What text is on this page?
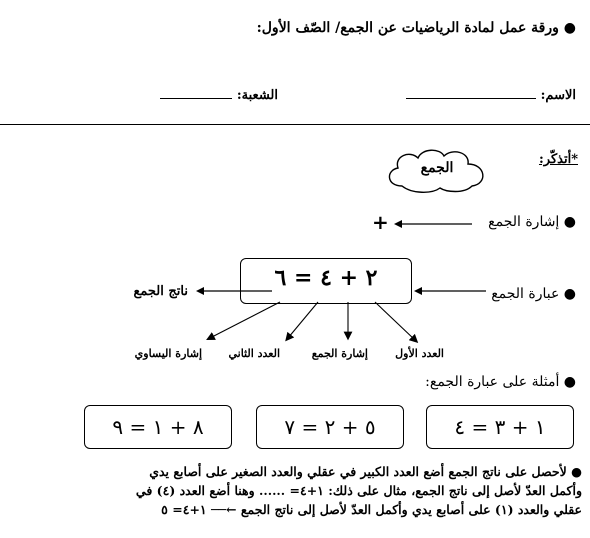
● ورقة عمل لمادة الرياضيات عن الجمع/ الصّف الأول:
الاسم:
الشعبة:
*أتذكّر:
الجمع
● إشارة الجمع
+
● عبارة الجمع
٢ + ٤ = ٦
ناتج الجمع
العدد الأول
إشارة الجمع
العدد الثاني
إشارة اليساوي
● أمثلة على عبارة الجمع:
١ + ٣ = ٤
٥ + ٢ = ٧
٨ + ١ = ٩
● لأحصل على ناتج الجمع أضع العدد الكبير في عقلي والعدد الصغير على أصابع يدي
وأكمل العدّ لأصل إلى ناتج الجمع، مثال على ذلك: ١+٤= ...... وهنا أضع العدد (٤) في
عقلي والعدد (١) على أصابع يدي وأكمل العدّ لأصل إلى ناتج الجمع ←── ١+٤= ٥
